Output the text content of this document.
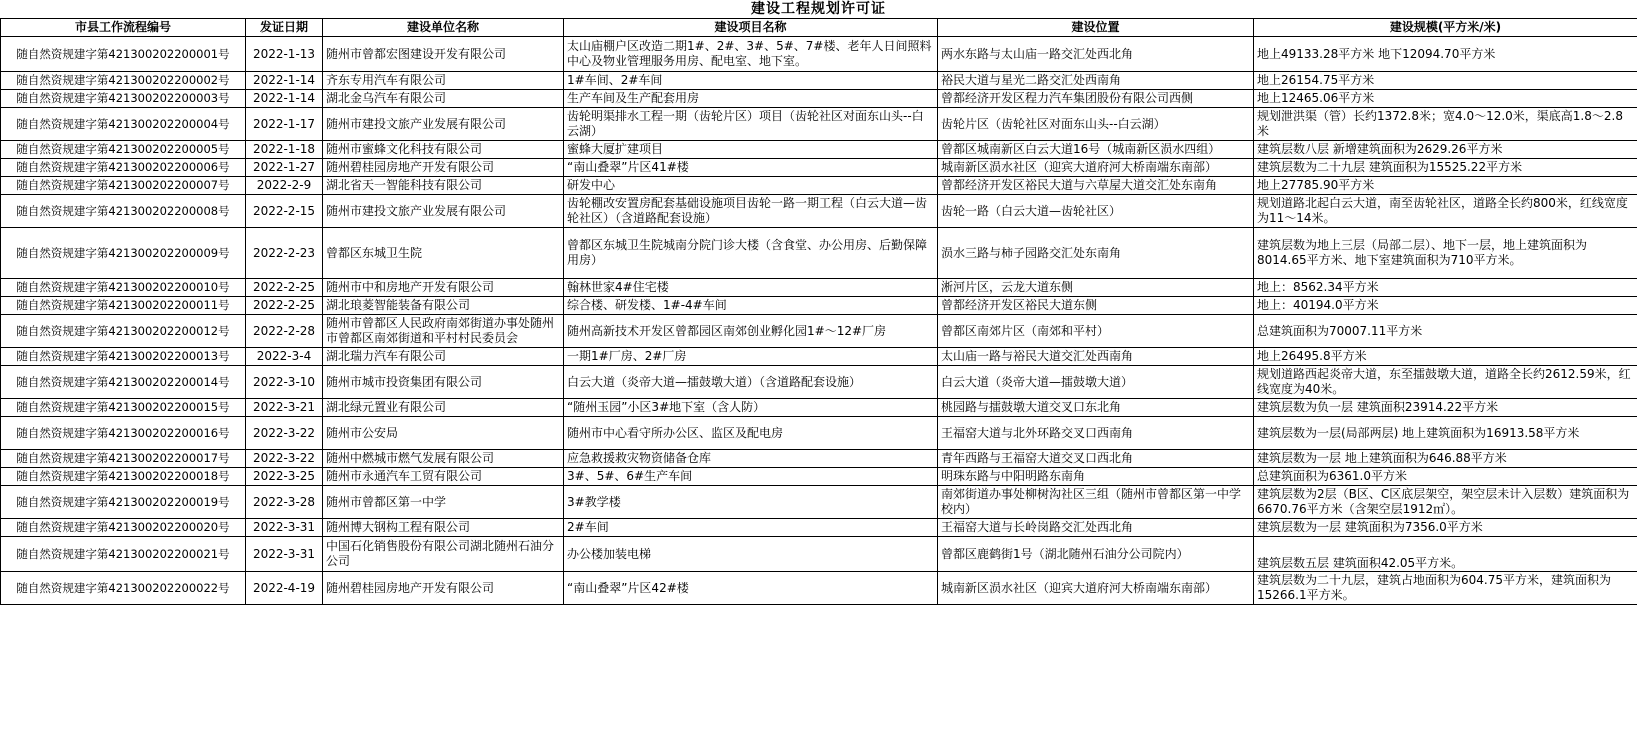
建设工程规划许可证
市县工作流程编号	发证日期	建设单位名称	建设项目名称	建设位置	建设规模(平方米/米)
随自然资规建字第421300202200001号	2022-1-13	随州市曾都宏图建设开发有限公司	太山庙棚户区改造二期1#、2#、3#、5#、7#楼、老年人日间照料中心及物业管理服务用房、配电室、地下室。	两水东路与太山庙一路交汇处西北角	地上49133.28平方米 地下12094.70平方米
随自然资规建字第421300202200002号	2022-1-14	齐东专用汽车有限公司	1#车间、2#车间	裕民大道与星光二路交汇处西南角	地上26154.75平方米
随自然资规建字第421300202200003号	2022-1-14	湖北金乌汽车有限公司	生产车间及生产配套用房	曾都经济开发区程力汽车集团股份有限公司西侧	地上12465.06平方米
随自然资规建字第421300202200004号	2022-1-17	随州市建投文旅产业发展有限公司	齿轮明渠排水工程一期（齿轮片区）项目（齿轮社区对面东山头--白云湖）	齿轮片区（齿轮社区对面东山头--白云湖）	规划泄洪渠（管）长约1372.8米；宽4.0～12.0米，渠底高1.8～2.8米
随自然资规建字第421300202200005号	2022-1-18	随州市蜜蜂文化科技有限公司	蜜蜂大厦扩建项目	曾都区城南新区白云大道16号（城南新区涢水四组）	建筑层数八层 新增建筑面积为2629.26平方米
随自然资规建字第421300202200006号	2022-1-27	随州碧桂园房地产开发有限公司	“南山叠翠”片区41#楼	城南新区涢水社区（迎宾大道府河大桥南端东南部）	建筑层数为二十九层 建筑面积为15525.22平方米
随自然资规建字第421300202200007号	2022-2-9	湖北省天一智能科技有限公司	研发中心	曾都经济开发区裕民大道与六草屋大道交汇处东南角	地上27785.90平方米
随自然资规建字第421300202200008号	2022-2-15	随州市建投文旅产业发展有限公司	齿轮棚改安置房配套基础设施项目齿轮一路一期工程（白云大道—齿轮社区）（含道路配套设施）	齿轮一路（白云大道—齿轮社区）	规划道路北起白云大道，南至齿轮社区，道路全长约800米，红线宽度为11～14米。
随自然资规建字第421300202200009号	2022-2-23	曾都区东城卫生院	曾都区东城卫生院城南分院门诊大楼（含食堂、办公用房、后勤保障用房）	涢水三路与柿子园路交汇处东南角	建筑层数为地上三层（局部二层）、地下一层，地上建筑面积为8014.65平方米、地下室建筑面积为710平方米。
随自然资规建字第421300202200010号	2022-2-25	随州市中和房地产开发有限公司	翰林世家4#住宅楼	淅河片区，云龙大道东侧	地上：8562.34平方米
随自然资规建字第421300202200011号	2022-2-25	湖北琅菱智能装备有限公司	综合楼、研发楼、1#-4#车间	曾都经济开发区裕民大道东侧	地上：40194.0平方米
随自然资规建字第421300202200012号	2022-2-28	随州市曾都区人民政府南郊街道办事处随州市曾都区南郊街道和平村村民委员会	随州高新技术开发区曾都园区南郊创业孵化园1#～12#厂房	曾都区南郊片区（南郊和平村）	总建筑面积为70007.11平方米
随自然资规建字第421300202200013号	2022-3-4	湖北瑞力汽车有限公司	一期1#厂房、2#厂房	太山庙一路与裕民大道交汇处西南角	地上26495.8平方米
随自然资规建字第421300202200014号	2022-3-10	随州市城市投资集团有限公司	白云大道（炎帝大道—擂鼓墩大道）（含道路配套设施）	白云大道（炎帝大道—擂鼓墩大道）	规划道路西起炎帝大道，东至擂鼓墩大道，道路全长约2612.59米，红线宽度为40米。
随自然资规建字第421300202200015号	2022-3-21	湖北绿元置业有限公司	“随州玉园”小区3#地下室（含人防）	桃园路与擂鼓墩大道交叉口东北角	建筑层数为负一层 建筑面积23914.22平方米
随自然资规建字第421300202200016号	2022-3-22	随州市公安局	随州市中心看守所办公区、监区及配电房	王福窑大道与北外环路交叉口西南角	建筑层数为一层(局部两层) 地上建筑面积为16913.58平方米
随自然资规建字第421300202200017号	2022-3-22	随州中燃城市燃气发展有限公司	应急救援救灾物资储备仓库	青年西路与王福窑大道交叉口西北角	建筑层数为一层 地上建筑面积为646.88平方米
随自然资规建字第421300202200018号	2022-3-25	随州市永通汽车工贸有限公司	3#、5#、6#生产车间	明珠东路与中阳明路东南角	总建筑面积为6361.0平方米
随自然资规建字第421300202200019号	2022-3-28	随州市曾都区第一中学	3#教学楼	南郊街道办事处柳树沟社区三组（随州市曾都区第一中学校内）	建筑层数为2层（B区、C区底层架空，架空层未计入层数）建筑面积为6670.76平方米（含架空层1912㎡）。
随自然资规建字第421300202200020号	2022-3-31	随州博大钢构工程有限公司	2#车间	王福窑大道与长岭岗路交汇处西北角	建筑层数为一层 建筑面积为7356.0平方米
随自然资规建字第421300202200021号	2022-3-31	中国石化销售股份有限公司湖北随州石油分公司	办公楼加装电梯	曾都区鹿鹤街1号（湖北随州石油分公司院内）	建筑层数五层 建筑面积42.05平方米。
随自然资规建字第421300202200022号	2022-4-19	随州碧桂园房地产开发有限公司	“南山叠翠”片区42#楼	城南新区涢水社区（迎宾大道府河大桥南端东南部）	建筑层数为二十九层，建筑占地面积为604.75平方米，建筑面积为15266.1平方米。
